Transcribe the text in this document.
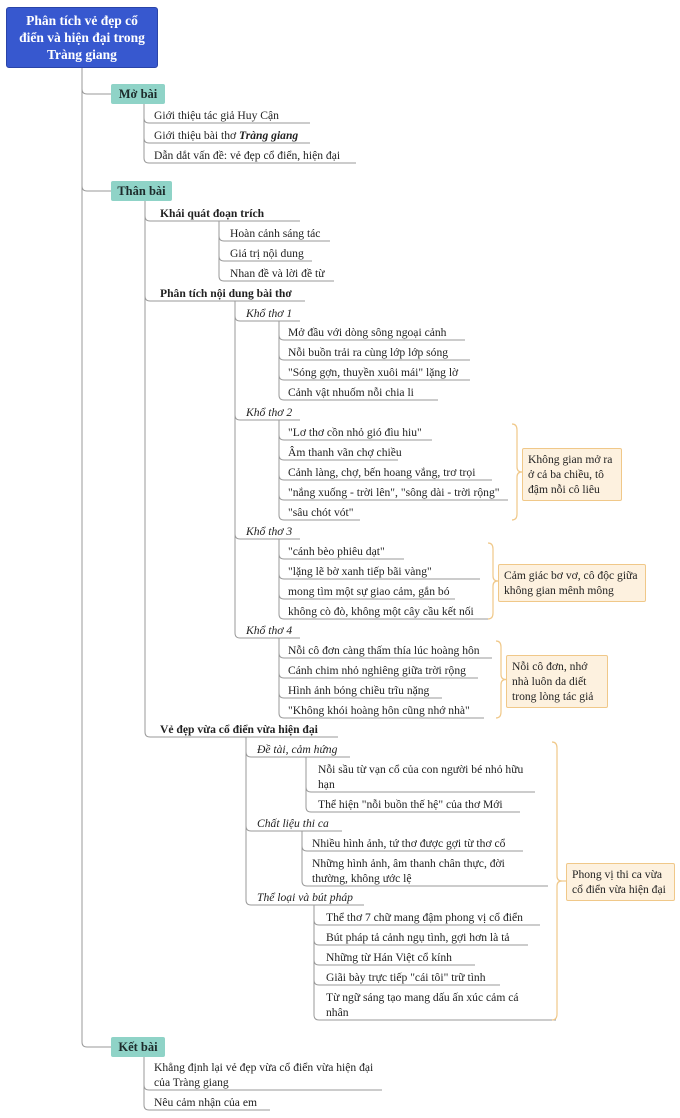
Phân tích vẻ đẹp cổ điển và hiện đại trong Tràng giang
Mở bài
Giới thiệu tác giả Huy Cận
Giới thiệu bài thơ Tràng giang
Dẫn dắt vấn đề: vẻ đẹp cổ điển, hiện đại
Thân bài
Khái quát đoạn trích
Hoàn cảnh sáng tác
Giá trị nội dung
Nhan đề và lời đề từ
Phân tích nội dung bài thơ
Khổ thơ 1
Mở đầu với dòng sông ngoại cảnh
Nỗi buồn trải ra cùng lớp lớp sóng
"Sóng gợn, thuyền xuôi mái" lặng lờ
Cảnh vật nhuốm nỗi chia li
Khổ thơ 2
"Lơ thơ cồn nhỏ gió đìu hiu"
Âm thanh vãn chợ chiều
Cảnh làng, chợ, bến hoang vắng, trơ trọi
"nắng xuống - trời lên", "sông dài - trời rộng"
"sâu chót vót"
Không gian mở ra ở cả ba chiều, tô đậm nỗi cô liêu
Khổ thơ 3
"cánh bèo phiêu dạt"
"lặng lẽ bờ xanh tiếp bãi vàng"
mong tìm một sự giao cảm, gắn bó
không cò đò, không một cây cầu kết nối
Cảm giác bơ vơ, cô độc giữa không gian mênh mông
Khổ thơ 4
Nỗi cô đơn càng thấm thía lúc hoàng hôn
Cánh chim nhỏ nghiêng giữa trời rộng
Hình ảnh bóng chiều trĩu nặng
"Không khói hoàng hôn cũng nhớ nhà"
Nỗi cô đơn, nhớ nhà luôn da diết trong lòng tác giả
Vẻ đẹp vừa cổ điển vừa hiện đại
Đề tài, cảm hứng
Nỗi sầu từ vạn cổ của con người bé nhỏ hữu hạn
Thể hiện "nỗi buồn thế hệ" của thơ Mới
Chất liệu thi ca
Nhiều hình ảnh, tứ thơ được gợi từ thơ cổ
Những hình ảnh, âm thanh chân thực, đời thường, không ước lệ
Thể loại và bút pháp
Thể thơ 7 chữ mang đậm phong vị cổ điển
Bút pháp tả cảnh ngụ tình, gợi hơn là tả
Những từ Hán Việt cổ kính
Giãi bày trực tiếp "cái tôi" trữ tình
Từ ngữ sáng tạo mang dấu ấn xúc cảm cá nhân
Phong vị thi ca vừa cổ điển vừa hiện đại
Kết bài
Khẳng định lại vẻ đẹp vừa cổ điển vừa hiện đại của Tràng giang
Nêu cảm nhận của em
